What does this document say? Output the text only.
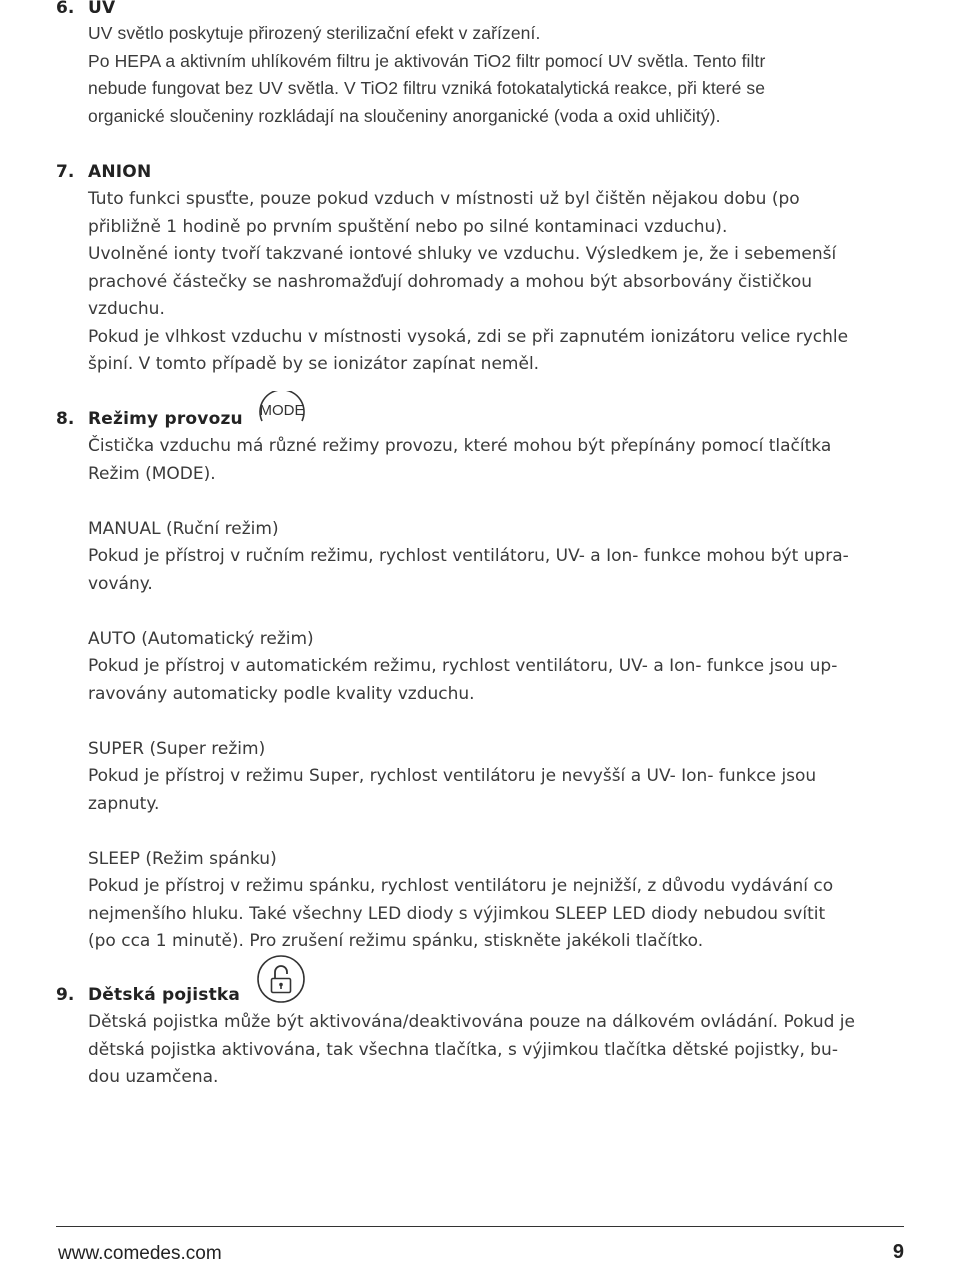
6. UV

UV světlo poskytuje přirozený sterilizační efekt v zařízení.

Po HEPA a aktivním uhlíkovém filtru je aktivován TiO2 filtr pomocí UV světla. Tento filtr

nebude fungovat bez UV světla. V TiO2 filtru vzniká fotokatalytická reakce, při které se

organické sloučeniny rozkládají na sloučeniny anorganické (voda a oxid uhličitý).

7. ANION

Tuto funkci spusťte, pouze pokud vzduch v místnosti už byl čištěn nějakou dobu (po

přibližně 1 hodině po prvním spuštění nebo po silné kontaminaci vzduchu).

Uvolněné ionty tvoří takzvané iontové shluky ve vzduchu. Výsledkem je, že i sebemenší

prachové částečky se nashromažďují dohromady a mohou být absorbovány čističkou

vzduchu.

Pokud je vlhkost vzduchu v místnosti vysoká, zdi se při zapnutém ionizátoru velice rychle

špiní. V tomto případě by se ionizátor zapínat neměl.

8. Režimy provozu MODE

Čistička vzduchu má různé režimy provozu, které mohou být přepínány pomocí tlačítka

Režim (MODE).

MANUAL (Ruční režim)

Pokud je přístroj v ručním režimu, rychlost ventilátoru, UV- a Ion- funkce mohou být upra-

vovány.

AUTO (Automatický režim)

Pokud je přístroj v automatickém režimu, rychlost ventilátoru, UV- a Ion- funkce jsou up-

ravovány automaticky podle kvality vzduchu.

SUPER (Super režim)

Pokud je přístroj v režimu Super, rychlost ventilátoru je nevyšší a UV- Ion- funkce jsou

zapnuty.

SLEEP (Režim spánku)

Pokud je přístroj v režimu spánku, rychlost ventilátoru je nejnižší, z důvodu vydávání co

nejmenšího hluku. Také všechny LED diody s výjimkou SLEEP LED diody nebudou svítit

(po cca 1 minutě). Pro zrušení režimu spánku, stiskněte jakékoli tlačítko.

9. Dětská pojistka

Dětská pojistka může být aktivována/deaktivována pouze na dálkovém ovládání. Pokud je

dětská pojistka aktivována, tak všechna tlačítka, s výjimkou tlačítka dětské pojistky, bu-

dou uzamčena.

www.comedes.com	9
